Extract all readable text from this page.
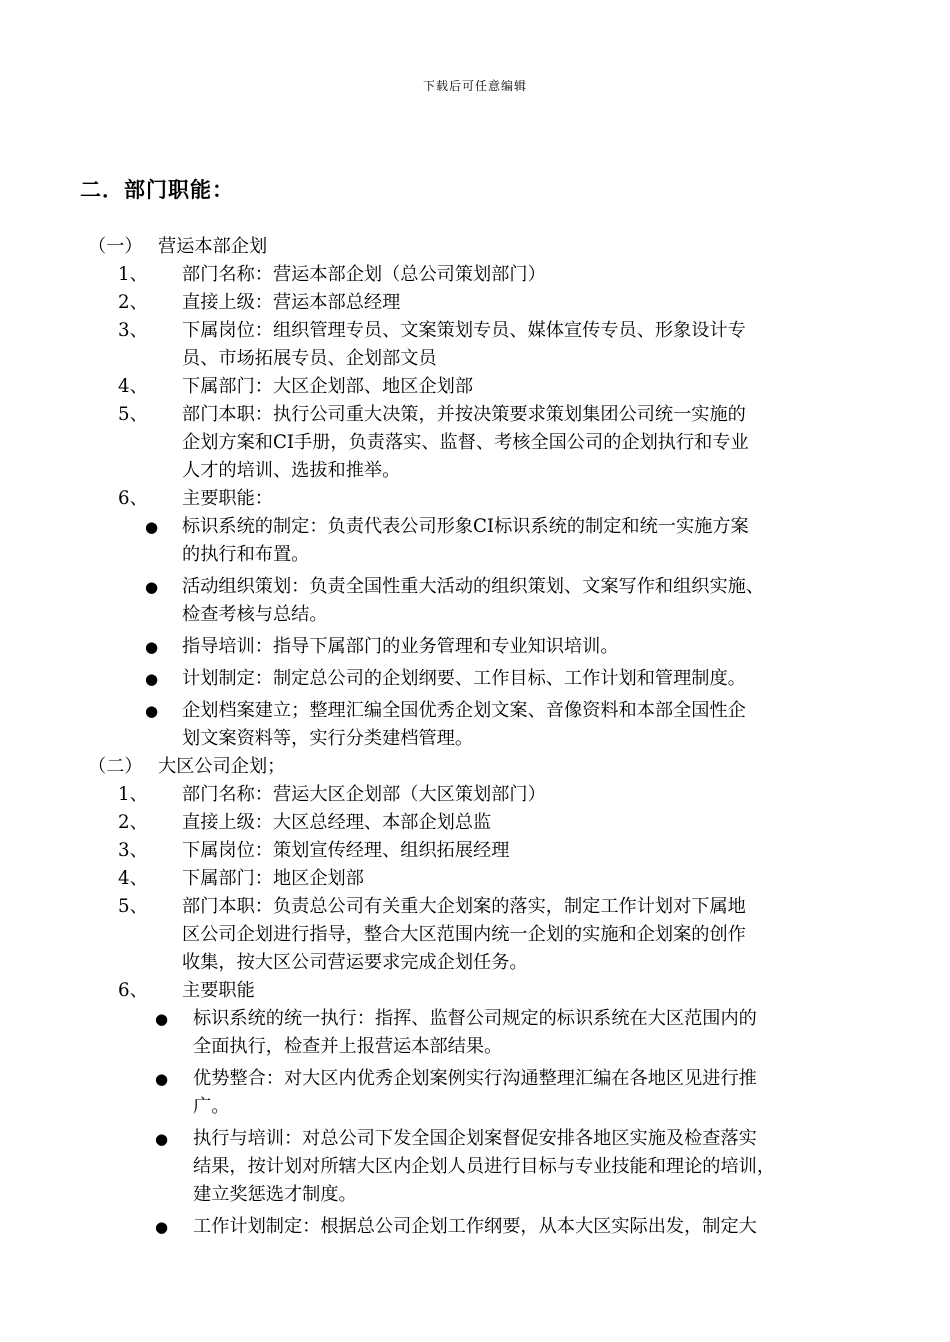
下载后可任意编辑
二．部门职能：
（一） 营运本部企划
1、 部门名称：营运本部企划（总公司策划部门）
2、 直接上级：营运本部总经理
3、 下属岗位：组织管理专员、文案策划专员、媒体宣传专员、形象设计专
员、市场拓展专员、企划部文员
4、 下属部门：大区企划部、地区企划部
5、 部门本职：执行公司重大决策，并按决策要求策划集团公司统一实施的
企划方案和CI手册，负责落实、监督、考核全国公司的企划执行和专业
人才的培训、选拔和推举。
6、 主要职能：
● 标识系统的制定：负责代表公司形象CI标识系统的制定和统一实施方案
的执行和布置。
● 活动组织策划：负责全国性重大活动的组织策划、文案写作和组织实施、
检查考核与总结。
● 指导培训：指导下属部门的业务管理和专业知识培训。
● 计划制定：制定总公司的企划纲要、工作目标、工作计划和管理制度。
● 企划档案建立；整理汇编全国优秀企划文案、音像资料和本部全国性企
划文案资料等，实行分类建档管理。
（二） 大区公司企划；
1、 部门名称：营运大区企划部（大区策划部门）
2、 直接上级：大区总经理、本部企划总监
3、 下属岗位：策划宣传经理、组织拓展经理
4、 下属部门：地区企划部
5、 部门本职：负责总公司有关重大企划案的落实，制定工作计划对下属地
区公司企划进行指导，整合大区范围内统一企划的实施和企划案的创作
收集，按大区公司营运要求完成企划任务。
6、 主要职能
● 标识系统的统一执行：指挥、监督公司规定的标识系统在大区范围内的
全面执行，检查并上报营运本部结果。
● 优势整合：对大区内优秀企划案例实行沟通整理汇编在各地区见进行推
广。
● 执行与培训：对总公司下发全国企划案督促安排各地区实施及检查落实
结果，按计划对所辖大区内企划人员进行目标与专业技能和理论的培训，
建立奖惩选才制度。
● 工作计划制定：根据总公司企划工作纲要，从本大区实际出发，制定大
